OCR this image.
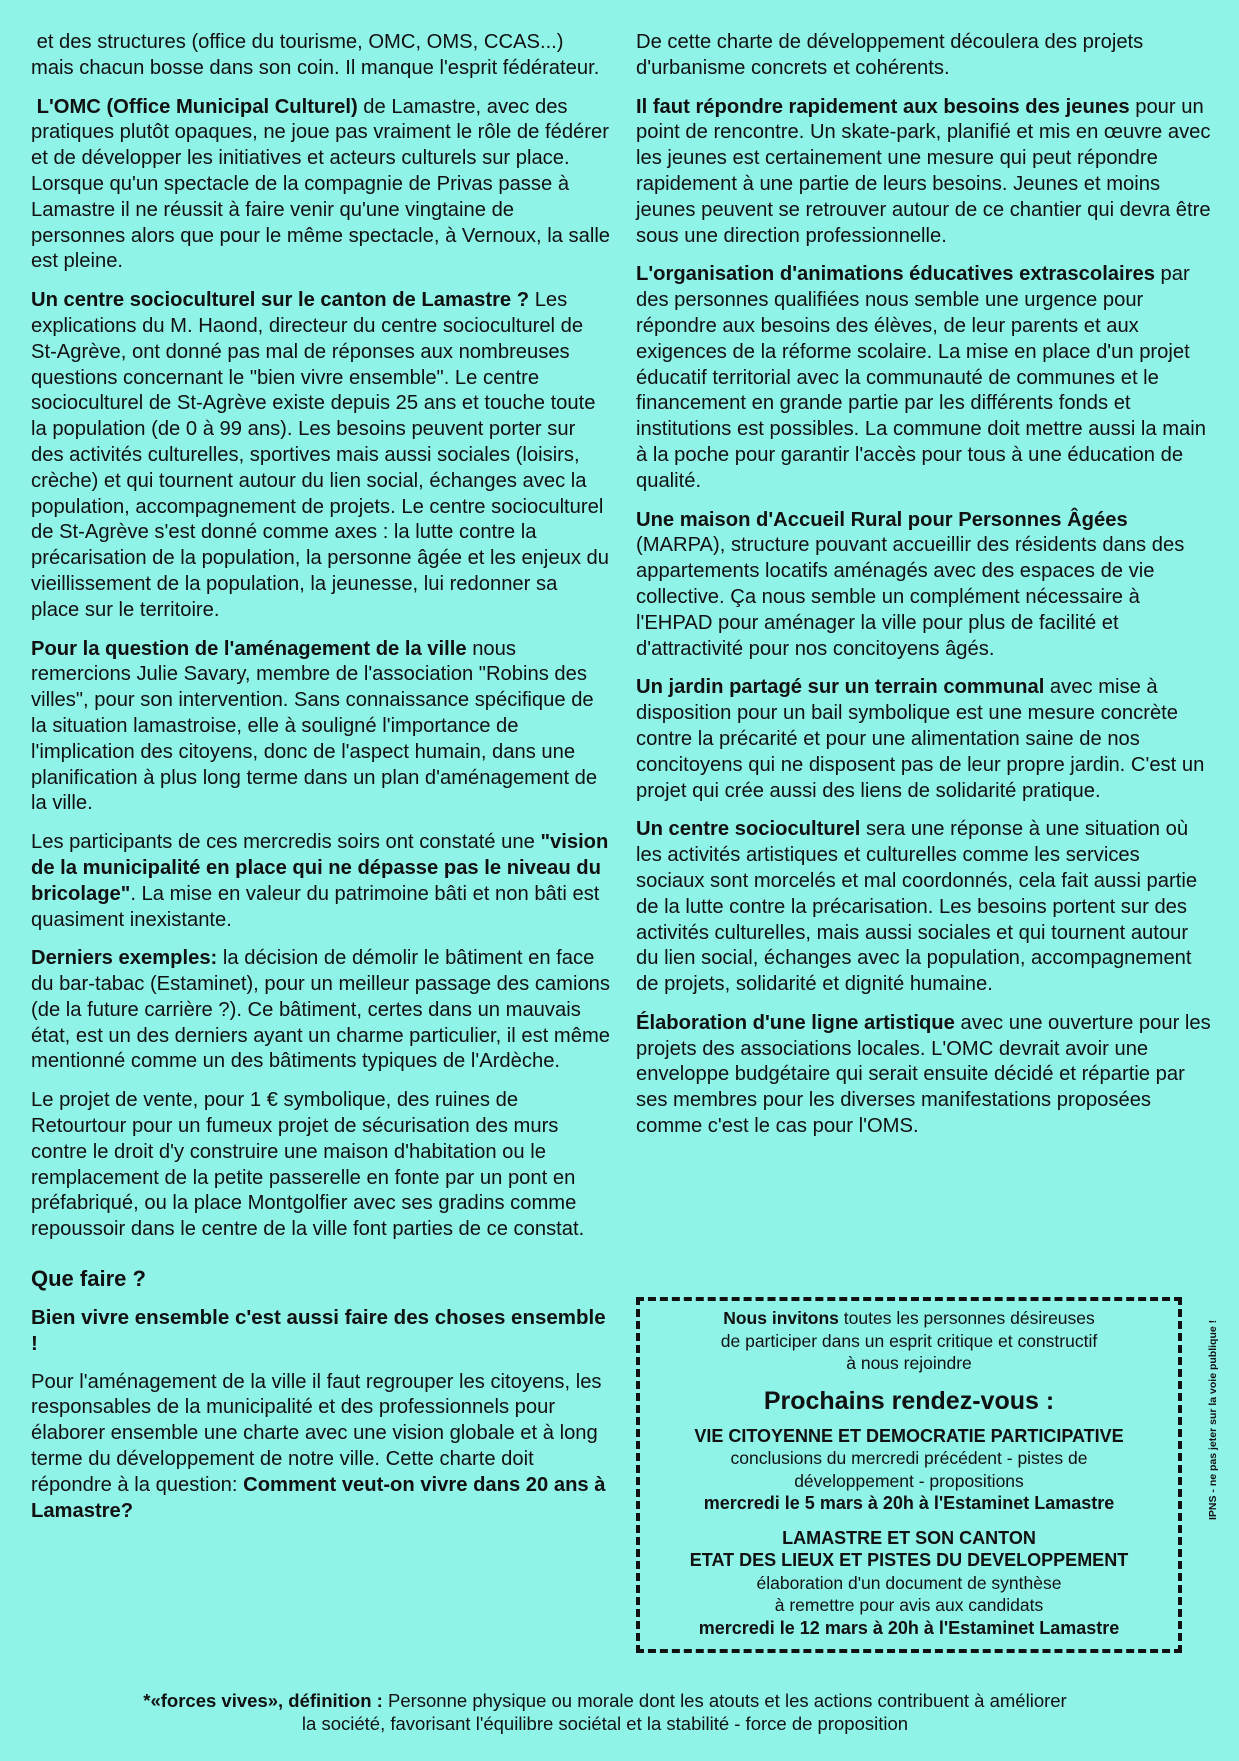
et des structures (office du tourisme, OMC, OMS, CCAS...) mais chacun bosse dans son coin. Il manque l'esprit fédérateur.

L'OMC (Office Municipal Culturel) de Lamastre, avec des pratiques plutôt opaques, ne joue pas vraiment le rôle de fédérer et de développer les initiatives et acteurs culturels sur place. Lorsque qu'un spectacle de la compagnie de Privas passe à Lamastre il ne réussit à faire venir qu'une vingtaine de personnes alors que pour le même spectacle, à Vernoux, la salle est pleine.

Un centre socioculturel sur le canton de Lamastre ? Les explications du M. Haond, directeur du centre socioculturel de St-Agrève, ont donné pas mal de réponses aux nombreuses questions concernant le "bien vivre ensemble". Le centre socioculturel de St-Agrève existe depuis 25 ans et touche toute la population (de 0 à 99 ans). Les besoins peuvent porter sur des activités culturelles, sportives mais aussi sociales (loisirs, crèche) et qui tournent autour du lien social, échanges avec la population, accompagnement de projets. Le centre socioculturel de St-Agrève s'est donné comme axes : la lutte contre la précarisation de la population, la personne âgée et les enjeux du vieillissement de la population, la jeunesse, lui redonner sa place sur le territoire.

Pour la question de l'aménagement de la ville nous remercions Julie Savary, membre de l'association "Robins des villes", pour son intervention. Sans connaissance spécifique de la situation lamastroise, elle à souligné l'importance de l'implication des citoyens, donc de l'aspect humain, dans une planification à plus long terme dans un plan d'aménagement de la ville.

Les participants de ces mercredis soirs ont constaté une "vision de la municipalité en place qui ne dépasse pas le niveau du bricolage". La mise en valeur du patrimoine bâti et non bâti est quasiment inexistante.

Derniers exemples: la décision de démolir le bâtiment en face du bar-tabac (Estaminet), pour un meilleur passage des camions (de la future carrière ?). Ce bâtiment, certes dans un mauvais état, est un des derniers ayant un charme particulier, il est même mentionné comme un des bâtiments typiques de l'Ardèche.

Le projet de vente, pour 1 € symbolique, des ruines de Retourtour pour un fumeux projet de sécurisation des murs contre le droit d'y construire une maison d'habitation ou le remplacement de la petite passerelle en fonte par un pont en préfabriqué, ou la place Montgolfier avec ses gradins comme repoussoir dans le centre de la ville font parties de ce constat.

Que faire ?

Bien vivre ensemble c'est aussi faire des choses ensemble !

Pour l'aménagement de la ville il faut regrouper les citoyens, les responsables de la municipalité et des professionnels pour élaborer ensemble une charte avec une vision globale et à long terme du développement de notre ville. Cette charte doit répondre à la question: Comment veut-on vivre dans 20 ans à Lamastre?

De cette charte de développement découlera des projets d'urbanisme concrets et cohérents.

Il faut répondre rapidement aux besoins des jeunes pour un point de rencontre. Un skate-park, planifié et mis en œuvre avec les jeunes est certainement une mesure qui peut répondre rapidement à une partie de leurs besoins. Jeunes et moins jeunes peuvent se retrouver autour de ce chantier qui devra être sous une direction professionnelle.

L'organisation d'animations éducatives extrascolaires par des personnes qualifiées nous semble une urgence pour répondre aux besoins des élèves, de leur parents et aux exigences de la réforme scolaire. La mise en place d'un projet éducatif territorial avec la communauté de communes et le financement en grande partie par les différents fonds et institutions est possibles. La commune doit mettre aussi la main à la poche pour garantir l'accès pour tous à une éducation de qualité.

Une maison d'Accueil Rural pour Personnes Âgées (MARPA), structure pouvant accueillir des résidents dans des appartements locatifs aménagés avec des espaces de vie collective. Ça nous semble un complément nécessaire à l'EHPAD pour aménager la ville pour plus de facilité et d'attractivité pour nos concitoyens âgés.

Un jardin partagé sur un terrain communal avec mise à disposition pour un bail symbolique est une mesure concrète contre la précarité et pour une alimentation saine de nos concitoyens qui ne disposent pas de leur propre jardin. C'est un projet qui crée aussi des liens de solidarité pratique.

Un centre socioculturel sera une réponse à une situation où les activités artistiques et culturelles comme les services sociaux sont morcelés et mal coordonnés, cela fait aussi partie de la lutte contre la précarisation. Les besoins portent sur des activités culturelles, mais aussi sociales et qui tournent autour du lien social, échanges avec la population, accompagnement de projets, solidarité et dignité humaine.

Élaboration d'une ligne artistique avec une ouverture pour les projets des associations locales. L'OMC devrait avoir une enveloppe budgétaire qui serait ensuite décidé et répartie par ses membres pour les diverses manifestations proposées comme c'est le cas pour l'OMS.

Nous invitons toutes les personnes désireuses
de participer dans un esprit critique et constructif
à nous rejoindre
Prochains rendez-vous :
VIE CITOYENNE ET DEMOCRATIE PARTICIPATIVE
conclusions du mercredi précédent - pistes de
développement - propositions
mercredi le 5 mars à 20h à l'Estaminet Lamastre
LAMASTRE ET SON CANTON
ETAT DES LIEUX ET PISTES DU DEVELOPPEMENT
élaboration d'un document de synthèse
à remettre pour avis aux candidats
mercredi le 12 mars à 20h à l'Estaminet Lamastre
*«forces vives», définition : Personne physique ou morale dont les atouts et les actions contribuent à améliorer
la société, favorisant l'équilibre sociétal et la stabilité - force de proposition
IPNS - ne pas jeter sur la voie publique !
